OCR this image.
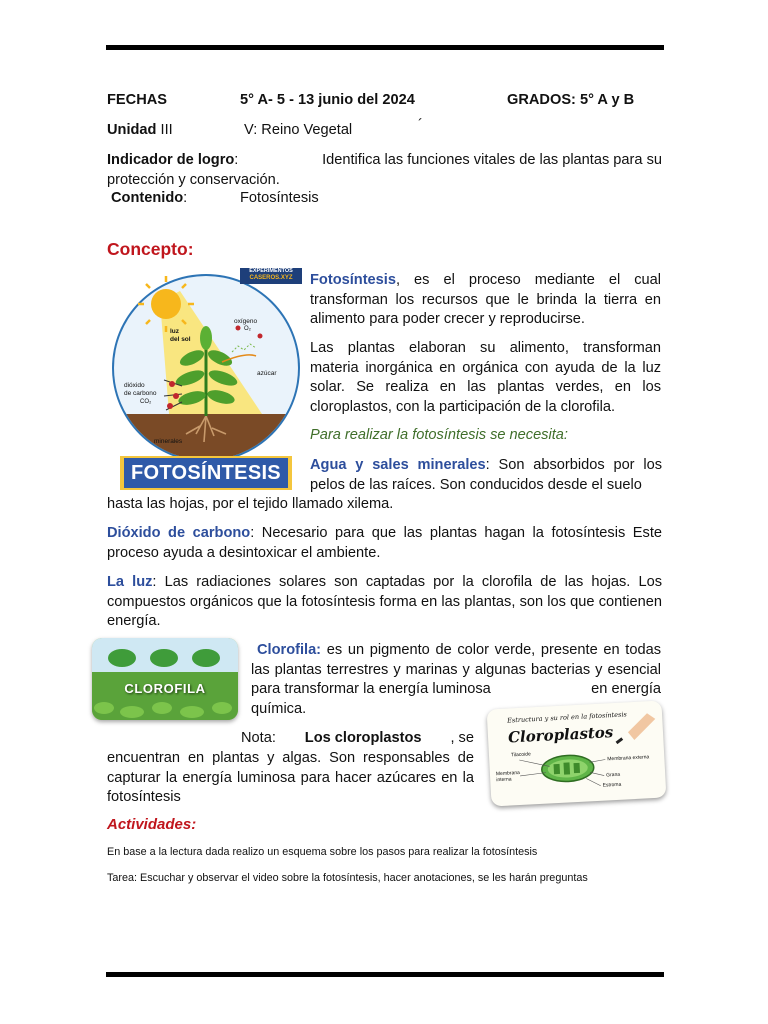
FECHAS	5° A- 5 - 13 junio del 2024	GRADOS: 5° A y B
Unidad III	V: Reino Vegetal	´
Indicador de logro:	Identifica las funciones vitales de las plantas para su
protección y conservación.
Contenido:	Fotosíntesis
Concepto:
FOTOSÍNTESIS
EXPERIMENTOS
CASEROS.XYZ
luz
del sol
oxígeno
O₂
dióxido
de carbono
CO₂
azúcar
minerales

Fotosíntesis, es el proceso mediante el cual transforman los recursos que le brinda la tierra en alimento para poder crecer y reproducirse.

Las plantas elaboran su alimento, transforman materia inorgánica en orgánica con ayuda de la luz solar. Se realiza en las plantas verdes, en los cloroplastos, con la participación de la clorofila.

Para realizar la fotosíntesis se necesita:

Agua y sales minerales: Son absorbidos por los pelos de las raíces. Son conducidos desde el suelo

hasta las hojas, por el tejido llamado xilema.

Dióxido de carbono: Necesario para que las plantas hagan la fotosíntesis Este proceso ayuda a desintoxicar el ambiente.

La luz: Las radiaciones solares son captadas por la clorofila de las hojas. Los compuestos orgánicos que la fotosíntesis forma en las plantas, son los que contienen energía.

CLOROFILA

Clorofila: es un pigmento de color verde, presente en todas las plantas terrestres y marinas y algunas bacterias y esencial para transformar la energía luminosa                        en energía química.

Nota: Los cloroplastos , se

encuentran en plantas y algas. Son responsables de capturar la energía luminosa para hacer azúcares en la fotosíntesis

Estructura y su rol en la fotosíntesis
Cloroplastos
Tilacoide
Membrana interna
Membrana externa
Grana
Estroma
Actividades:
En base a la lectura dada realizo un esquema sobre los pasos para realizar la fotosíntesis
Tarea: Escuchar y observar el video sobre la fotosíntesis, hacer anotaciones, se les harán preguntas
